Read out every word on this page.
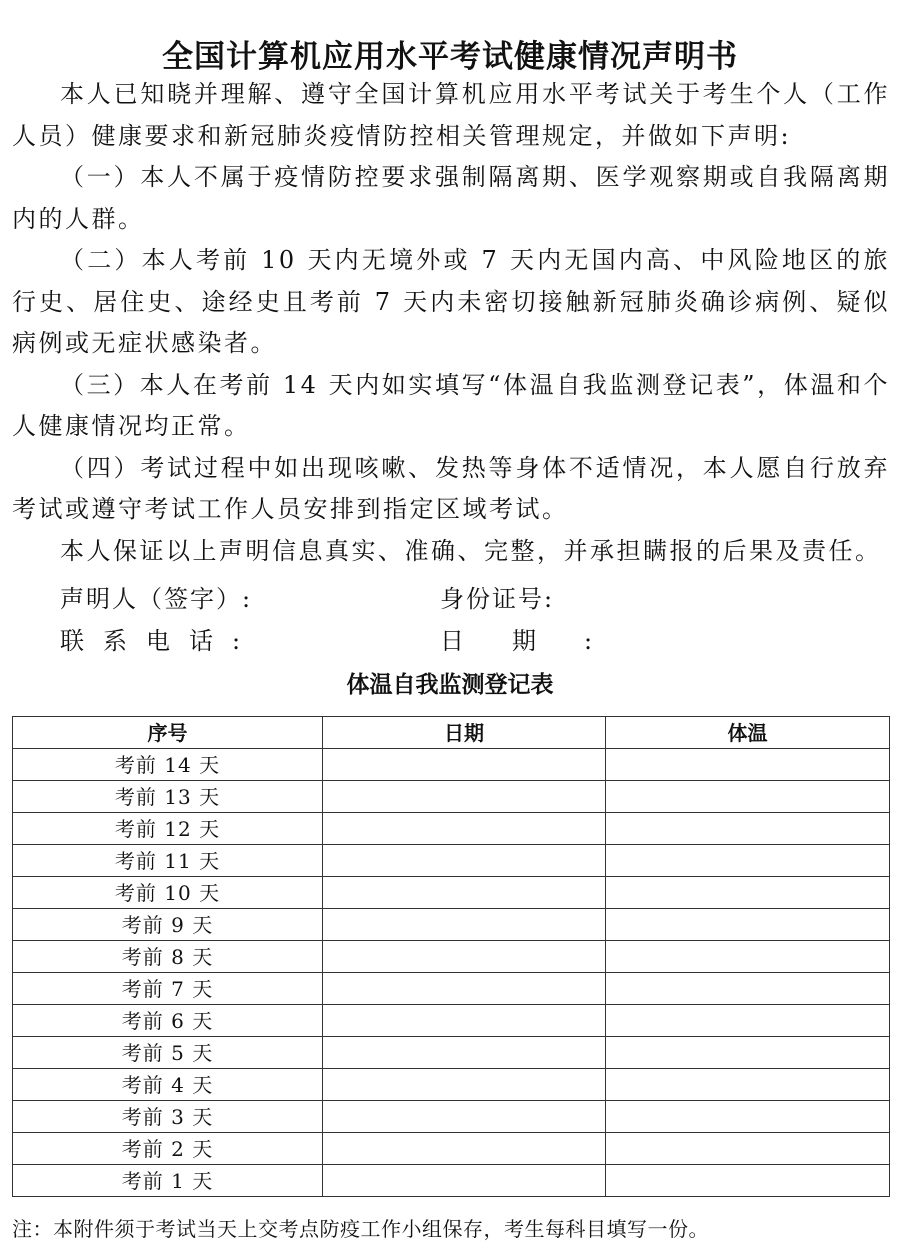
全国计算机应用水平考试健康情况声明书

本人已知晓并理解、遵守全国计算机应用水平考试关于考生个人（工作人员）健康要求和新冠肺炎疫情防控相关管理规定，并做如下声明:

（一）本人不属于疫情防控要求强制隔离期、医学观察期或自我隔离期内的人群。

（二）本人考前 10 天内无境外或 7 天内无国内高、中风险地区的旅行史、居住史、途经史且考前 7 天内未密切接触新冠肺炎确诊病例、疑似病例或无症状感染者。

（三）本人在考前 14 天内如实填写“体温自我监测登记表”，体温和个人健康情况均正常。

（四）考试过程中如出现咳嗽、发热等身体不适情况，本人愿自行放弃考试或遵守考试工作人员安排到指定区域考试。

本人保证以上声明信息真实、准确、完整，并承担瞒报的后果及责任。

声明人（签字）:	身份证号:
联系电话:	日期:
体温自我监测登记表
序号	日期	体温
考前 14 天		
考前 13 天		
考前 12 天		
考前 11 天		
考前 10 天		
考前 9 天		
考前 8 天		
考前 7 天		
考前 6 天		
考前 5 天		
考前 4 天		
考前 3 天		
考前 2 天		
考前 1 天		
注：本附件须于考试当天上交考点防疫工作小组保存，考生每科目填写一份。
